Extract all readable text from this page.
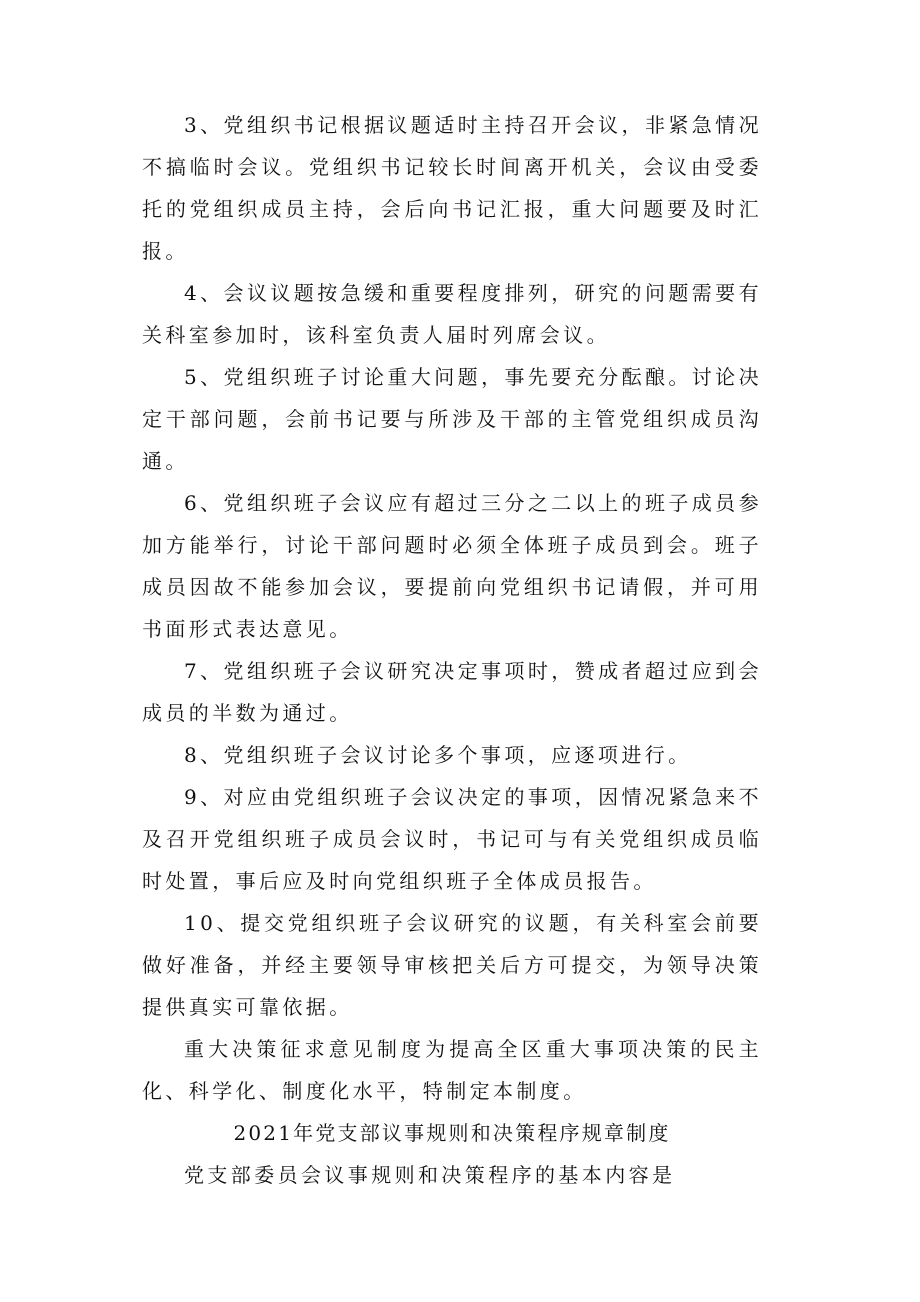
3、党组织书记根据议题适时主持召开会议，非紧急情况不搞临时会议。党组织书记较长时间离开机关，会议由受委托的党组织成员主持，会后向书记汇报，重大问题要及时汇报。

4、会议议题按急缓和重要程度排列，研究的问题需要有关科室参加时，该科室负责人届时列席会议。

5、党组织班子讨论重大问题，事先要充分酝酿。讨论决定干部问题，会前书记要与所涉及干部的主管党组织成员沟通。

6、党组织班子会议应有超过三分之二以上的班子成员参加方能举行，讨论干部问题时必须全体班子成员到会。班子成员因故不能参加会议，要提前向党组织书记请假，并可用书面形式表达意见。

7、党组织班子会议研究决定事项时，赞成者超过应到会成员的半数为通过。

8、党组织班子会议讨论多个事项，应逐项进行。

9、对应由党组织班子会议决定的事项，因情况紧急来不及召开党组织班子成员会议时，书记可与有关党组织成员临时处置，事后应及时向党组织班子全体成员报告。

10、提交党组织班子会议研究的议题，有关科室会前要做好准备，并经主要领导审核把关后方可提交，为领导决策提供真实可靠依据。

重大决策征求意见制度为提高全区重大事项决策的民主化、科学化、制度化水平，特制定本制度。

2021年党支部议事规则和决策程序规章制度

党支部委员会议事规则和决策程序的基本内容是
